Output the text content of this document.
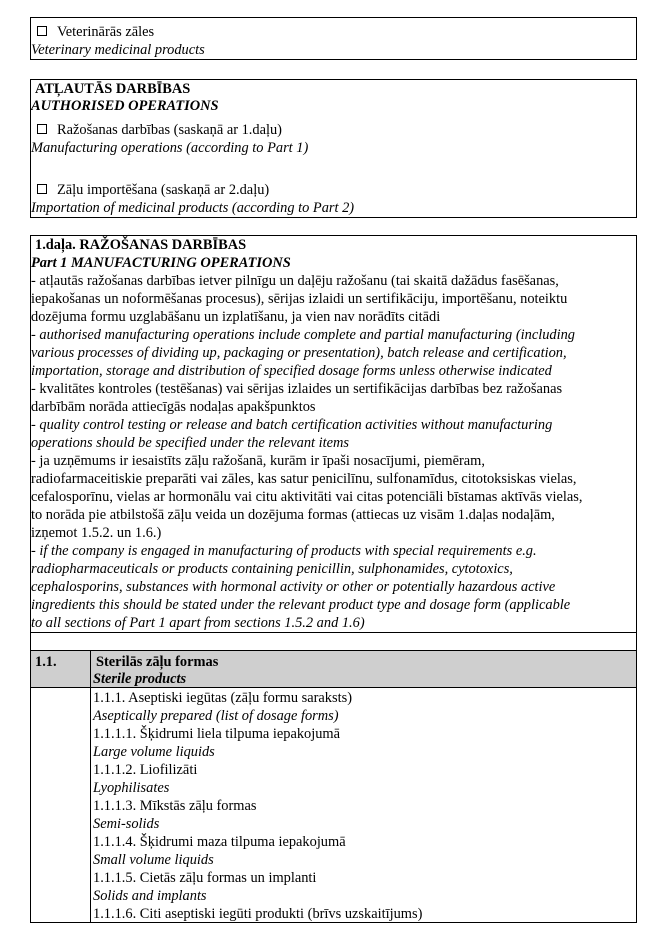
Veterinārās zāles
Veterinary medicinal products
ATĻAUTĀS DARBĪBAS
AUTHORISED OPERATIONS
Ražošanas darbības (saskaņā ar 1.daļu)
Manufacturing operations (according to Part 1)
Zāļu importēšana (saskaņā ar 2.daļu)
Importation of medicinal products (according to Part 2)
1.daļa. RAŽOŠANAS DARBĪBAS
Part 1 MANUFACTURING OPERATIONS
- atļautās ražošanas darbības ietver pilnīgu un daļēju ražošanu (tai skaitā dažādus fasēšanas,
iepakošanas un noformēšanas procesus), sērijas izlaidi un sertifikāciju, importēšanu, noteiktu
dozējuma formu uzglabāšanu un izplatīšanu, ja vien nav norādīts citādi
- authorised manufacturing operations include complete and partial manufacturing (including
various processes of dividing up, packaging or presentation), batch release and certification,
importation, storage and distribution of specified dosage forms unless otherwise indicated
- kvalitātes kontroles (testēšanas) vai sērijas izlaides un sertifikācijas darbības bez ražošanas
darbībām norāda attiecīgās nodaļas apakšpunktos
- quality control testing or release and batch certification activities without manufacturing
operations should be specified under the relevant items
- ja uzņēmums ir iesaistīts zāļu ražošanā, kurām ir īpaši nosacījumi, piemēram,
radiofarmaceitiskie preparāti vai zāles, kas satur penicilīnu, sulfonamīdus, citotoksiskas vielas,
cefalosporīnu, vielas ar hormonālu vai citu aktivitāti vai citas potenciāli bīstamas aktīvās vielas,
to norāda pie atbilstošā zāļu veida un dozējuma formas (attiecas uz visām 1.daļas nodaļām,
izņemot 1.5.2. un 1.6.)
- if the company is engaged in manufacturing of products with special requirements e.g.
radiopharmaceuticals or products containing penicillin, sulphonamides, cytotoxics,
cephalosporins, substances with hormonal activity or other or potentially hazardous active
ingredients this should be stated under the relevant product type and dosage form (applicable
to all sections of Part 1 apart from sections 1.5.2 and 1.6)
1.1.	Sterilās zāļu formas
Sterile products
1.1.1. Aseptiski iegūtas (zāļu formu saraksts)
Aseptically prepared (list of dosage forms)
1.1.1.1. Šķidrumi liela tilpuma iepakojumā
Large volume liquids
1.1.1.2. Liofilizāti
Lyophilisates
1.1.1.3. Mīkstās zāļu formas
Semi-solids
1.1.1.4. Šķidrumi maza tilpuma iepakojumā
Small volume liquids
1.1.1.5. Cietās zāļu formas un implanti
Solids and implants
1.1.1.6. Citi aseptiski iegūti produkti (brīvs uzskaitījums)
